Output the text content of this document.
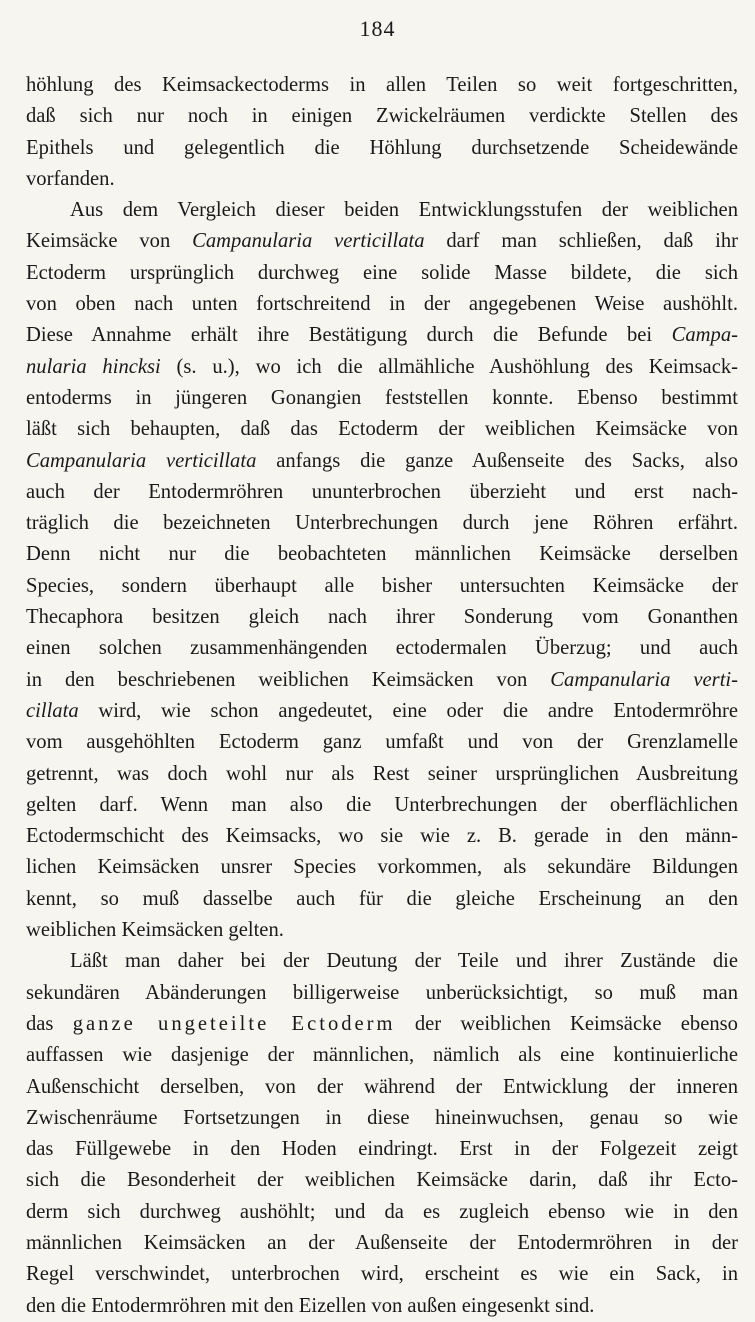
184
höhlung des Keimsackectoderms in allen Teilen so weit fortgeschritten,
daß sich nur noch in einigen Zwickelräumen verdickte Stellen des
Epithels und gelegentlich die Höhlung durchsetzende Scheidewände
vorfanden.
Aus dem Vergleich dieser beiden Entwicklungsstufen der weiblichen
Keimsäcke von Campanularia verticillata darf man schließen, daß ihr
Ectoderm ursprünglich durchweg eine solide Masse bildete, die sich
von oben nach unten fortschreitend in der angegebenen Weise aushöhlt.
Diese Annahme erhält ihre Bestätigung durch die Befunde bei Campa-
nularia hincksi (s. u.), wo ich die allmähliche Aushöhlung des Keimsack-
entoderms in jüngeren Gonangien feststellen konnte. Ebenso bestimmt
läßt sich behaupten, daß das Ectoderm der weiblichen Keimsäcke von
Campanularia verticillata anfangs die ganze Außenseite des Sacks, also
auch der Entodermröhren ununterbrochen überzieht und erst nach-
träglich die bezeichneten Unterbrechungen durch jene Röhren erfährt.
Denn nicht nur die beobachteten männlichen Keimsäcke derselben
Species, sondern überhaupt alle bisher untersuchten Keimsäcke der
Thecaphora besitzen gleich nach ihrer Sonderung vom Gonanthen
einen solchen zusammenhängenden ectodermalen Überzug; und auch
in den beschriebenen weiblichen Keimsäcken von Campanularia verti-
cillata wird, wie schon angedeutet, eine oder die andre Entodermröhre
vom ausgehöhlten Ectoderm ganz umfaßt und von der Grenzlamelle
getrennt, was doch wohl nur als Rest seiner ursprünglichen Ausbreitung
gelten darf. Wenn man also die Unterbrechungen der oberflächlichen
Ectodermschicht des Keimsacks, wo sie wie z. B. gerade in den männ-
lichen Keimsäcken unsrer Species vorkommen, als sekundäre Bildungen
kennt, so muß dasselbe auch für die gleiche Erscheinung an den
weiblichen Keimsäcken gelten.
Läßt man daher bei der Deutung der Teile und ihrer Zustände die
sekundären Abänderungen billigerweise unberücksichtigt, so muß man
das ganze ungeteilte Ectoderm der weiblichen Keimsäcke ebenso
auffassen wie dasjenige der männlichen, nämlich als eine kontinuierliche
Außenschicht derselben, von der während der Entwicklung der inneren
Zwischenräume Fortsetzungen in diese hineinwuchsen, genau so wie
das Füllgewebe in den Hoden eindringt. Erst in der Folgezeit zeigt
sich die Besonderheit der weiblichen Keimsäcke darin, daß ihr Ecto-
derm sich durchweg aushöhlt; und da es zugleich ebenso wie in den
männlichen Keimsäcken an der Außenseite der Entodermröhren in der
Regel verschwindet, unterbrochen wird, erscheint es wie ein Sack, in
den die Entodermröhren mit den Eizellen von außen eingesenkt sind.
